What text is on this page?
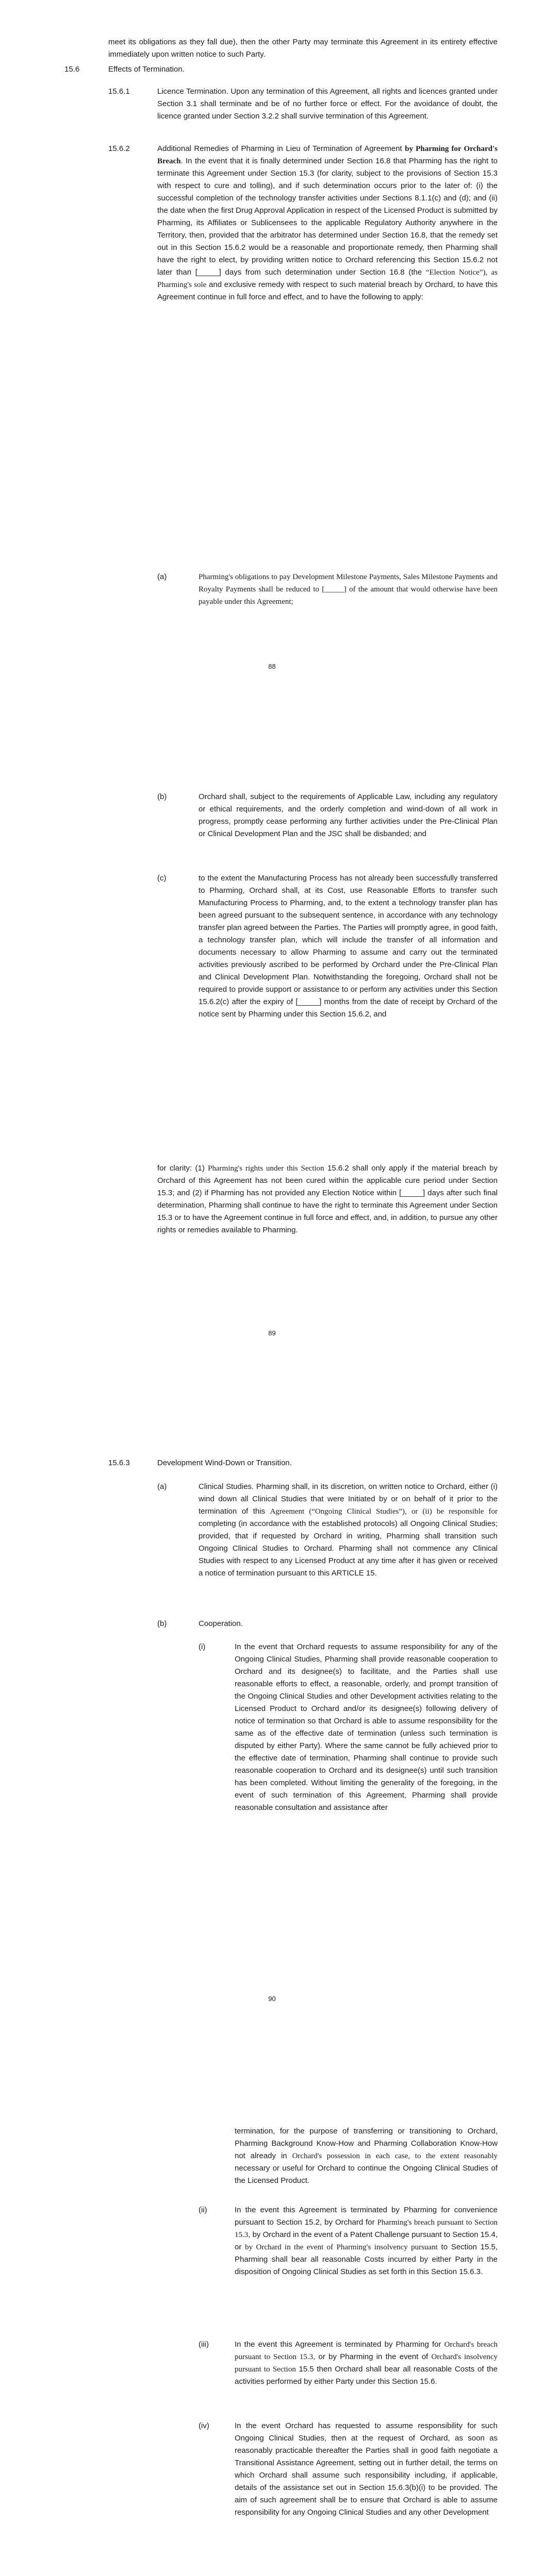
meet its obligations as they fall due), then the other Party may terminate this Agreement in its entirety effective immediately upon written notice to such Party.
15.6	Effects of Termination.
15.6.1	Licence Termination. Upon any termination of this Agreement, all rights and licences granted under Section 3.1 shall terminate and be of no further force or effect. For the avoidance of doubt, the licence granted under Section 3.2.2 shall survive termination of this Agreement.
15.6.2	Additional Remedies of Pharming in Lieu of Termination of Agreement by Pharming for Orchard's Breach. In the event that it is finally determined under Section 16.8 that Pharming has the right to terminate this Agreement under Section 15.3 (for clarity, subject to the provisions of Section 15.3 with respect to cure and tolling), and if such determination occurs prior to the later of: (i) the successful completion of the technology transfer activities under Sections 8.1.1(c) and (d); and (ii) the date when the first Drug Approval Application in respect of the Licensed Product is submitted by Pharming, its Affiliates or Sublicensees to the applicable Regulatory Authority anywhere in the Territory, then, provided that the arbitrator has determined under Section 16.8, that the remedy set out in this Section 15.6.2 would be a reasonable and proportionate remedy, then Pharming shall have the right to elect, by providing written notice to Orchard referencing this Section 15.6.2 not later than [_____] days from such determination under Section 16.8 (the “Election Notice”), as Pharming's sole and exclusive remedy with respect to such material breach by Orchard, to have this Agreement continue in full force and effect, and to have the following to apply:
(a)	Pharming's obligations to pay Development Milestone Payments, Sales Milestone Payments and Royalty Payments shall be reduced to [_____] of the amount that would otherwise have been payable under this Agreement;
88
(b)	Orchard shall, subject to the requirements of Applicable Law, including any regulatory or ethical requirements, and the orderly completion and wind-down of all work in progress, promptly cease performing any further activities under the Pre-Clinical Plan or Clinical Development Plan and the JSC shall be disbanded; and
(c)	to the extent the Manufacturing Process has not already been successfully transferred to Pharming, Orchard shall, at its Cost, use Reasonable Efforts to transfer such Manufacturing Process to Pharming, and, to the extent a technology transfer plan has been agreed pursuant to the subsequent sentence, in accordance with any technology transfer plan agreed between the Parties. The Parties will promptly agree, in good faith, a technology transfer plan, which will include the transfer of all information and documents necessary to allow Pharming to assume and carry out the terminated activities previously ascribed to be performed by Orchard under the Pre-Clinical Plan and Clinical Development Plan. Notwithstanding the foregoing, Orchard shall not be required to provide support or assistance to or perform any activities under this Section 15.6.2(c) after the expiry of [_____] months from the date of receipt by Orchard of the notice sent by Pharming under this Section 15.6.2, and
for clarity: (1) Pharming's rights under this Section 15.6.2 shall only apply if the material breach by Orchard of this Agreement has not been cured within the applicable cure period under Section 15.3; and (2) if Pharming has not provided any Election Notice within [_____] days after such final determination, Pharming shall continue to have the right to terminate this Agreement under Section 15.3 or to have the Agreement continue in full force and effect, and, in addition, to pursue any other rights or remedies available to Pharming.
89
15.6.3	Development Wind-Down or Transition.
(a)	Clinical Studies. Pharming shall, in its discretion, on written notice to Orchard, either (i) wind down all Clinical Studies that were Initiated by or on behalf of it prior to the termination of this Agreement (“Ongoing Clinical Studies”), or (ii) be responsible for completing (in accordance with the established protocols) all Ongoing Clinical Studies; provided, that if requested by Orchard in writing, Pharming shall transition such Ongoing Clinical Studies to Orchard. Pharming shall not commence any Clinical Studies with respect to any Licensed Product at any time after it has given or received a notice of termination pursuant to this ARTICLE 15.
(b)	Cooperation.
(i)	In the event that Orchard requests to assume responsibility for any of the Ongoing Clinical Studies, Pharming shall provide reasonable cooperation to Orchard and its designee(s) to facilitate, and the Parties shall use reasonable efforts to effect, a reasonable, orderly, and prompt transition of the Ongoing Clinical Studies and other Development activities relating to the Licensed Product to Orchard and/or its designee(s) following delivery of notice of termination so that Orchard is able to assume responsibility for the same as of the effective date of termination (unless such termination is disputed by either Party). Where the same cannot be fully achieved prior to the effective date of termination, Pharming shall continue to provide such reasonable cooperation to Orchard and its designee(s) until such transition has been completed. Without limiting the generality of the foregoing, in the event of such termination of this Agreement, Pharming shall provide reasonable consultation and assistance after
90
termination, for the purpose of transferring or transitioning to Orchard, Pharming Background Know-How and Pharming Collaboration Know-How not already in Orchard's possession in each case, to the extent reasonably necessary or useful for Orchard to continue the Ongoing Clinical Studies of the Licensed Product.
(ii)	In the event this Agreement is terminated by Pharming for convenience pursuant to Section 15.2, by Orchard for Pharming's breach pursuant to Section 15.3, by Orchard in the event of a Patent Challenge pursuant to Section 15.4, or by Orchard in the event of Pharming's insolvency pursuant to Section 15.5, Pharming shall bear all reasonable Costs incurred by either Party in the disposition of Ongoing Clinical Studies as set forth in this Section 15.6.3.
(iii)	In the event this Agreement is terminated by Pharming for Orchard's breach pursuant to Section 15.3, or by Pharming in the event of Orchard's insolvency pursuant to Section 15.5 then Orchard shall bear all reasonable Costs of the activities performed by either Party under this Section 15.6.
(iv)	In the event Orchard has requested to assume responsibility for such Ongoing Clinical Studies, then at the request of Orchard, as soon as reasonably practicable thereafter the Parties shall in good faith negotiate a Transitional Assistance Agreement, setting out in further detail, the terms on which Orchard shall assume such responsibility including, if applicable, details of the assistance set out in Section 15.6.3(b)(i) to be provided. The aim of such agreement shall be to ensure that Orchard is able to assume responsibility for any Ongoing Clinical Studies and any other Development
